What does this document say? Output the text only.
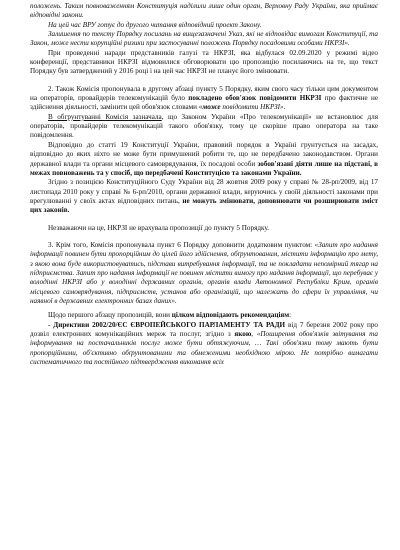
положень. Таким повноваженням Конституція наділили лише один орган, Верховну Раду України, яка приймає відповідні закони.

На цей час ВРУ готує до другого читання відповідний проект Закону.

Залишення по тексту Порядку посилань на вищезазначені Указ, які не відповідає вимогам Конституції, та Закон, може нести корупційні ризики при застосуванні положень Порядку посадовими особами НКРЗІ».

При проведенні наради представників галузі та НКРЗІ, яка відбулася 02.09.2020 у режимі відео конференції, представники НКРЗІ відмовилися обговорювати цю пропозицію посилаючись на те, що текст Порядку був затверджений у 2016 році і на цей час НКРЗІ не планує його змінювати.

2. Також Комісія пропонувала в другому абзаці пункту 5 Порядку, яким свого часу тільки цим документом на операторів, провайдерів телекомунікацій було покладено обов'язок повідомити НКРЗІ про фактичне не здійснення діяльності, замінити цей обов'язок словами «може повідомити НКРЗІ».

В обгрунтуванні Комісія зазначала, що Законом України «Про телекомунікації» не встановлює для операторів, провайдерів телекомунікацій такого обов'язку, тому це скоріше право оператора на таке повідомлення.

Відповідно до статті 19 Конституції України, правовий порядок в Україні грунтується на засадах, відповідно до яких ніхто не може бути примушений робити те, що не передбачено законодавством. Органи державної влади та органи місцевого самоврядування, їх посадові особи зобов'язані діяти лише на підставі, в межах повноважень та у спосіб, що передбачені Конституцією та законами України.

Згідно з позицією Конституційного Суду України від 28 жовтня 2009 року у справі № 28-рп/2009, від 17 листопада 2010 року у справі № 6-рп/2010, органи державної влади, керуючись у своїй діяльності законами при врегулюванні у своїх актах відповідних питань, не можуть змінювати, доповнювати чи розширювати зміст цих законів.

Незважаючи на це, НКРЗІ не врахувала пропозиції до пункту 5 Порядку.

3. Крім того, Комісія пропонувала пункт 6 Порядку доповнити додатковим пунктом: «Запит про надання інформації повинен бути пропорційним до цілей його здійснення, обґрунтованим, містити інформацію про мету, з якою вона буде використовуватись, підстави витребування інформації, та не покладати непомірний тягар на підприємства. Запит про надання інформації не повинен містити вимогу про надання інформації, що перебуває у володінні НКРЗІ або у володінні державних органів, органів влади Автономної Республіки Крим, органів місцевого самоврядування, підприємств, установ або організацій, що належать до сфери їх управління, чи наявної в державних електронних базах даних».

Щодо першого абзацу пропозицій, вони цілком відповідають рекомендаціям:

- Директиви 2002/20/ЄС ЄВРОПЕЙСЬКОГО ПАРЛАМЕНТУ ТА РАДИ від 7 березня 2002 року про дозвіл електронних комунікаційних мереж та послуг, згідно з якою, «Поширення обов'язків звітування та інформування на постачальників послуг може бути обтяжуючим, … Такі обов'язки тому мають бути пропорційними, об'єктивно обґрунтованими та обмеженими необхідною мірою. Не потрібно вимагати систематичного та постійного підтвердження виконання всіх
